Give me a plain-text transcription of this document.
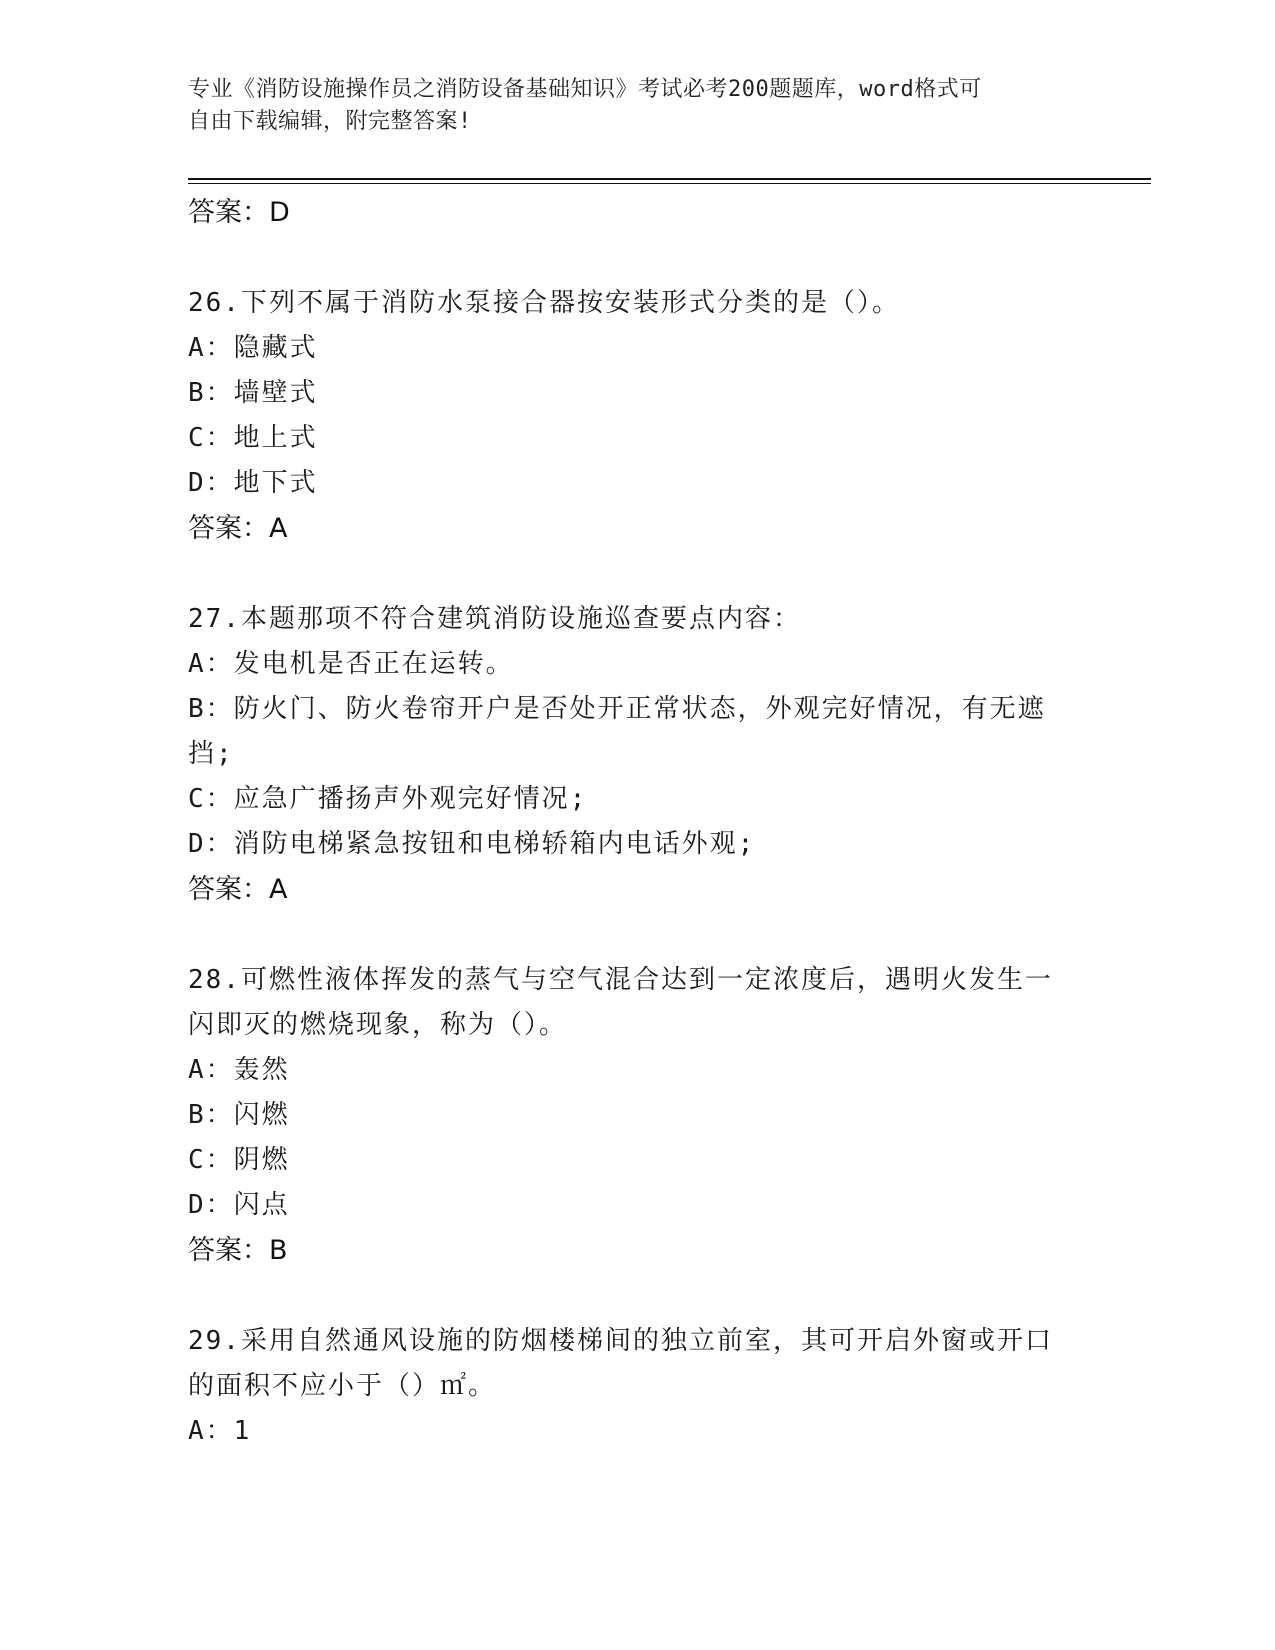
专业《消防设施操作员之消防设备基础知识》考试必考200题题库，word格式可
自由下载编辑，附完整答案!
答案：D
26.下列不属于消防水泵接合器按安装形式分类的是（）。
A：隐藏式
B：墙壁式
C：地上式
D：地下式
答案：A
27.本题那项不符合建筑消防设施巡查要点内容：
A：发电机是否正在运转。
B：防火门、防火卷帘开户是否处开正常状态，外观完好情况，有无遮
挡;
C：应急广播扬声外观完好情况;
D：消防电梯紧急按钮和电梯轿箱内电话外观;
答案：A
28.可燃性液体挥发的蒸气与空气混合达到一定浓度后，遇明火发生一
闪即灭的燃烧现象，称为（）。
A：轰然
B：闪燃
C：阴燃
D：闪点
答案：B
29.采用自然通风设施的防烟楼梯间的独立前室，其可开启外窗或开口
的面积不应小于（）㎡。
A：1
